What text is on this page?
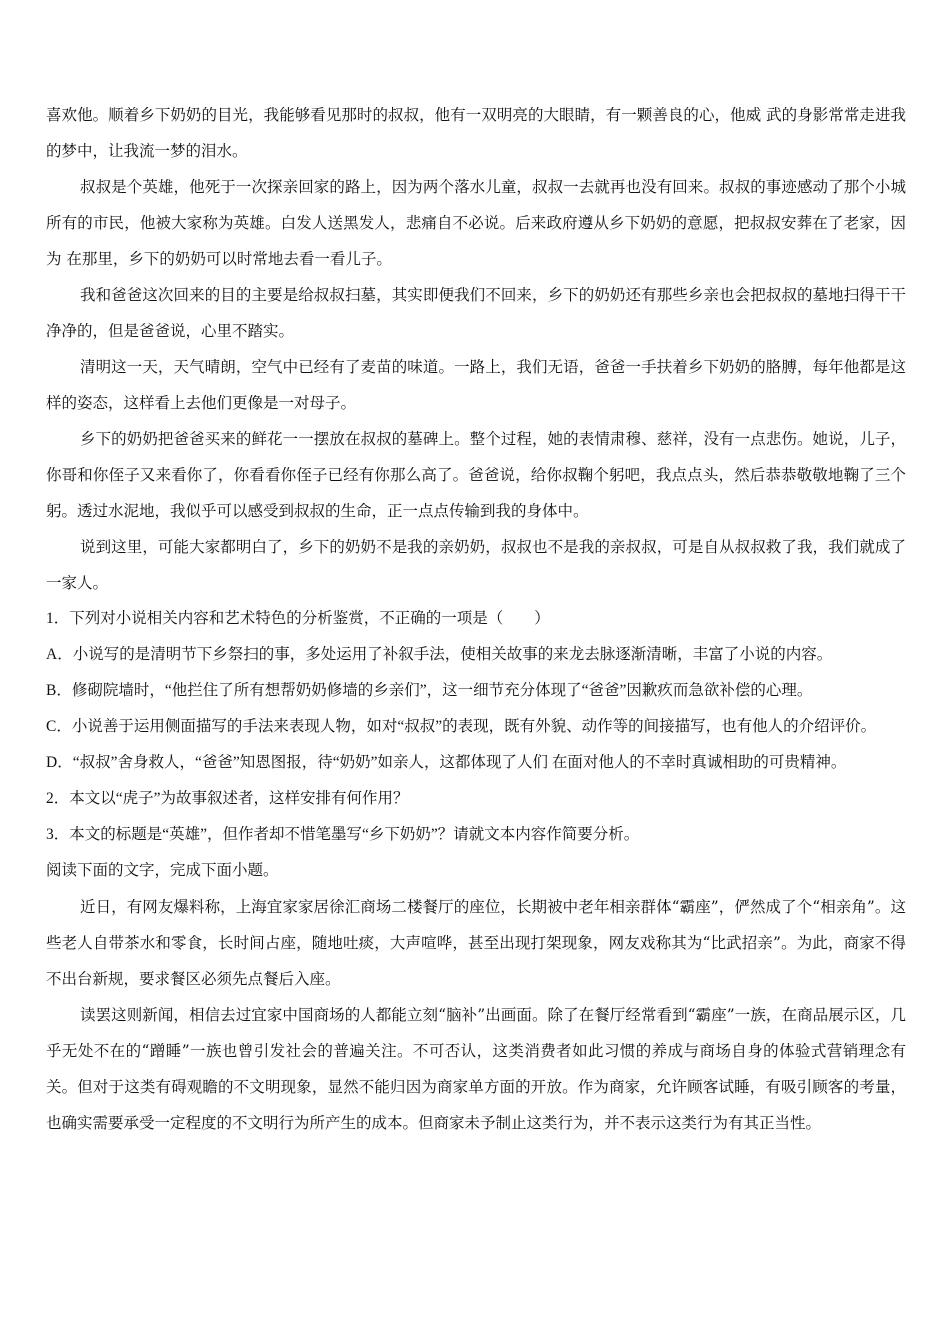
喜欢他。顺着乡下奶奶的目光，我能够看见那时的叔叔，他有一双明亮的大眼睛，有一颗善良的心，他威 武的身影常常走进我的梦中，让我流一梦的泪水。

叔叔是个英雄，他死于一次探亲回家的路上，因为两个落水儿童，叔叔一去就再也没有回来。叔叔的事迹感动了那个小城所有的市民，他被大家称为英雄。白发人送黑发人，悲痛自不必说。后来政府遵从乡下奶奶的意愿，把叔叔安葬在了老家，因为 在那里，乡下的奶奶可以时常地去看一看儿子。

我和爸爸这次回来的目的主要是给叔叔扫墓，其实即便我们不回来，乡下的奶奶还有那些乡亲也会把叔叔的墓地扫得干干净净的，但是爸爸说，心里不踏实。

清明这一天，天气晴朗，空气中已经有了麦苗的味道。一路上，我们无语，爸爸一手扶着乡下奶奶的胳膊，每年他都是这样的姿态，这样看上去他们更像是一对母子。

乡下的奶奶把爸爸买来的鲜花一一摆放在叔叔的墓碑上。整个过程，她的表情肃穆、慈祥，没有一点悲伤。她说，儿子，你哥和你侄子又来看你了，你看看你侄子已经有你那么高了。爸爸说，给你叔鞠个躬吧，我点点头，然后恭恭敬敬地鞠了三个躬。透过水泥地，我似乎可以感受到叔叔的生命，正一点点传输到我的身体中。

说到这里，可能大家都明白了，乡下的奶奶不是我的亲奶奶，叔叔也不是我的亲叔叔，可是自从叔叔救了我，我们就成了一家人。

1．下列对小说相关内容和艺术特色的分析鉴赏，不正确的一项是（　　）

A．小说写的是清明节下乡祭扫的事，多处运用了补叙手法，使相关故事的来龙去脉逐渐清晰，丰富了小说的内容。

B．修砌院墙时，“他拦住了所有想帮奶奶修墙的乡亲们”，这一细节充分体现了“爸爸”因歉疚而急欲补偿的心理。

C．小说善于运用侧面描写的手法来表现人物，如对“叔叔”的表现，既有外貌、动作等的间接描写，也有他人的介绍评价。

D．“叔叔”舍身救人，“爸爸”知恩图报，待“奶奶”如亲人，这都体现了人们 在面对他人的不幸时真诚相助的可贵精神。

2．本文以“虎子”为故事叙述者，这样安排有何作用？

3．本文的标题是“英雄”，但作者却不惜笔墨写“乡下奶奶”？请就文本内容作简要分析。

阅读下面的文字，完成下面小题。

近日，有网友爆料称，上海宜家家居徐汇商场二楼餐厅的座位，长期被中老年相亲群体“霸座”，俨然成了个“相亲角”。这些老人自带茶水和零食，长时间占座，随地吐痰，大声喧哗，甚至出现打架现象，网友戏称其为“比武招亲”。为此，商家不得不出台新规，要求餐区必须先点餐后入座。

读罢这则新闻，相信去过宜家中国商场的人都能立刻“脑补”出画面。除了在餐厅经常看到“霸座”一族，在商品展示区，几乎无处不在的“蹭睡”一族也曾引发社会的普遍关注。不可否认，这类消费者如此习惯的养成与商场自身的体验式营销理念有关。但对于这类有碍观瞻的不文明现象，显然不能归因为商家单方面的开放。作为商家，允许顾客试睡，有吸引顾客的考量，也确实需要承受一定程度的不文明行为所产生的成本。但商家未予制止这类行为，并不表示这类行为有其正当性。
